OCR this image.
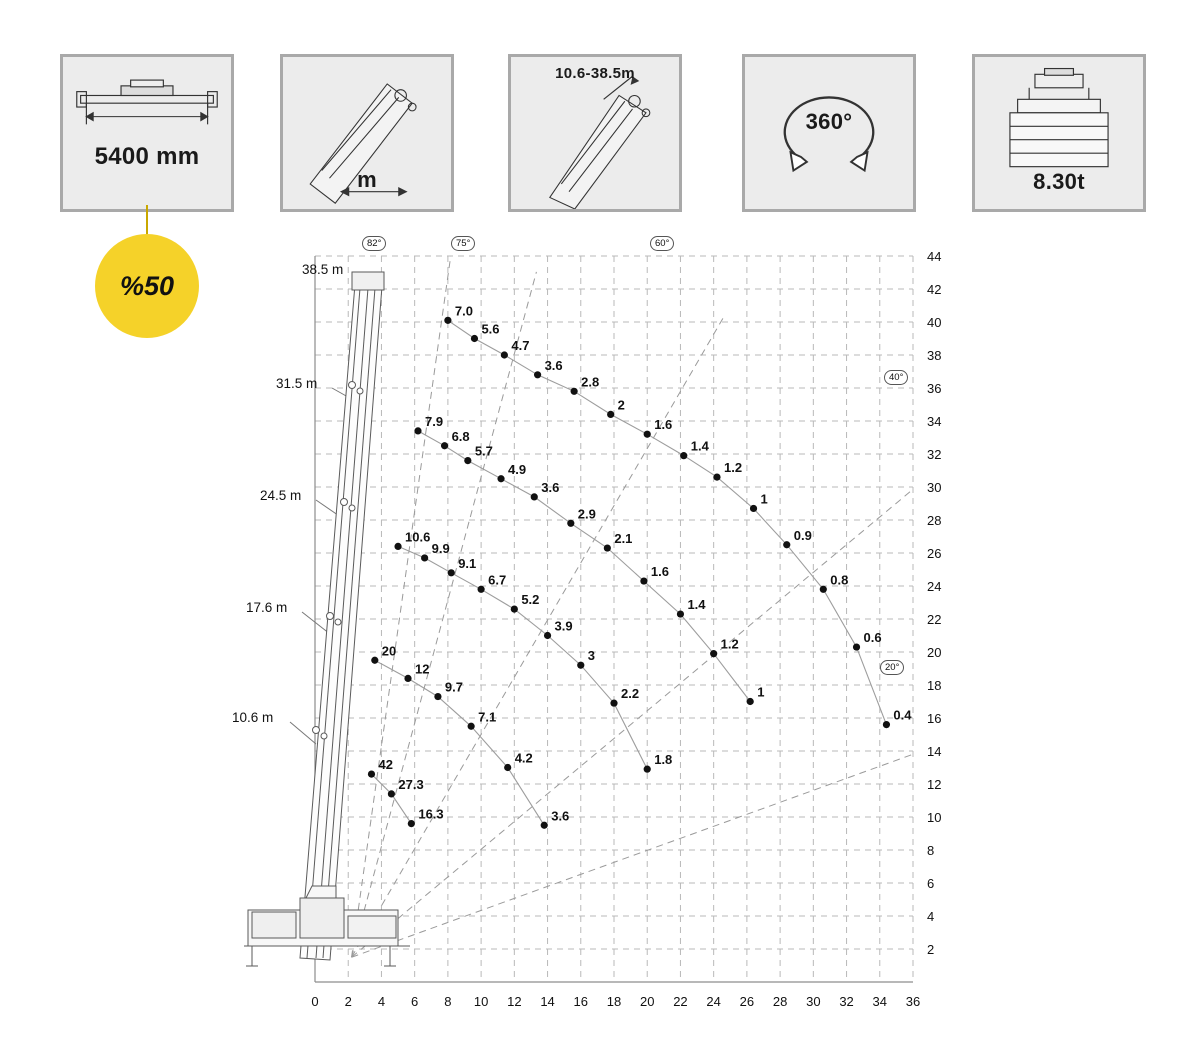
5400 mm
m
10.6-38.5m
360°
8.30t
%50
7.0
5.6
4.7
3.6
2.8
2
1.6
1.4
1.2
1
0.9
0.8
0.6
0.4
7.9
6.8
5.7
4.9
3.6
2.9
2.1
1.6
1.4
1.2
1
10.6
9.9
9.1
6.7
5.2
3.9
3
2.2
1.8
20
12
9.7
7.1
4.2
3.6
42
27.3
16.3
0 2 4 6 8 10 12 14 16 18 20 22 24 26 28 30 32 34 36
2
4
6
8
10
12
14
16
18
20
22
24
26
28
30
32
34
36
38
40
42
44
82°	75°	60°
40°
20°
38.5 m
31.5 m
24.5 m
17.6 m
10.6 m
